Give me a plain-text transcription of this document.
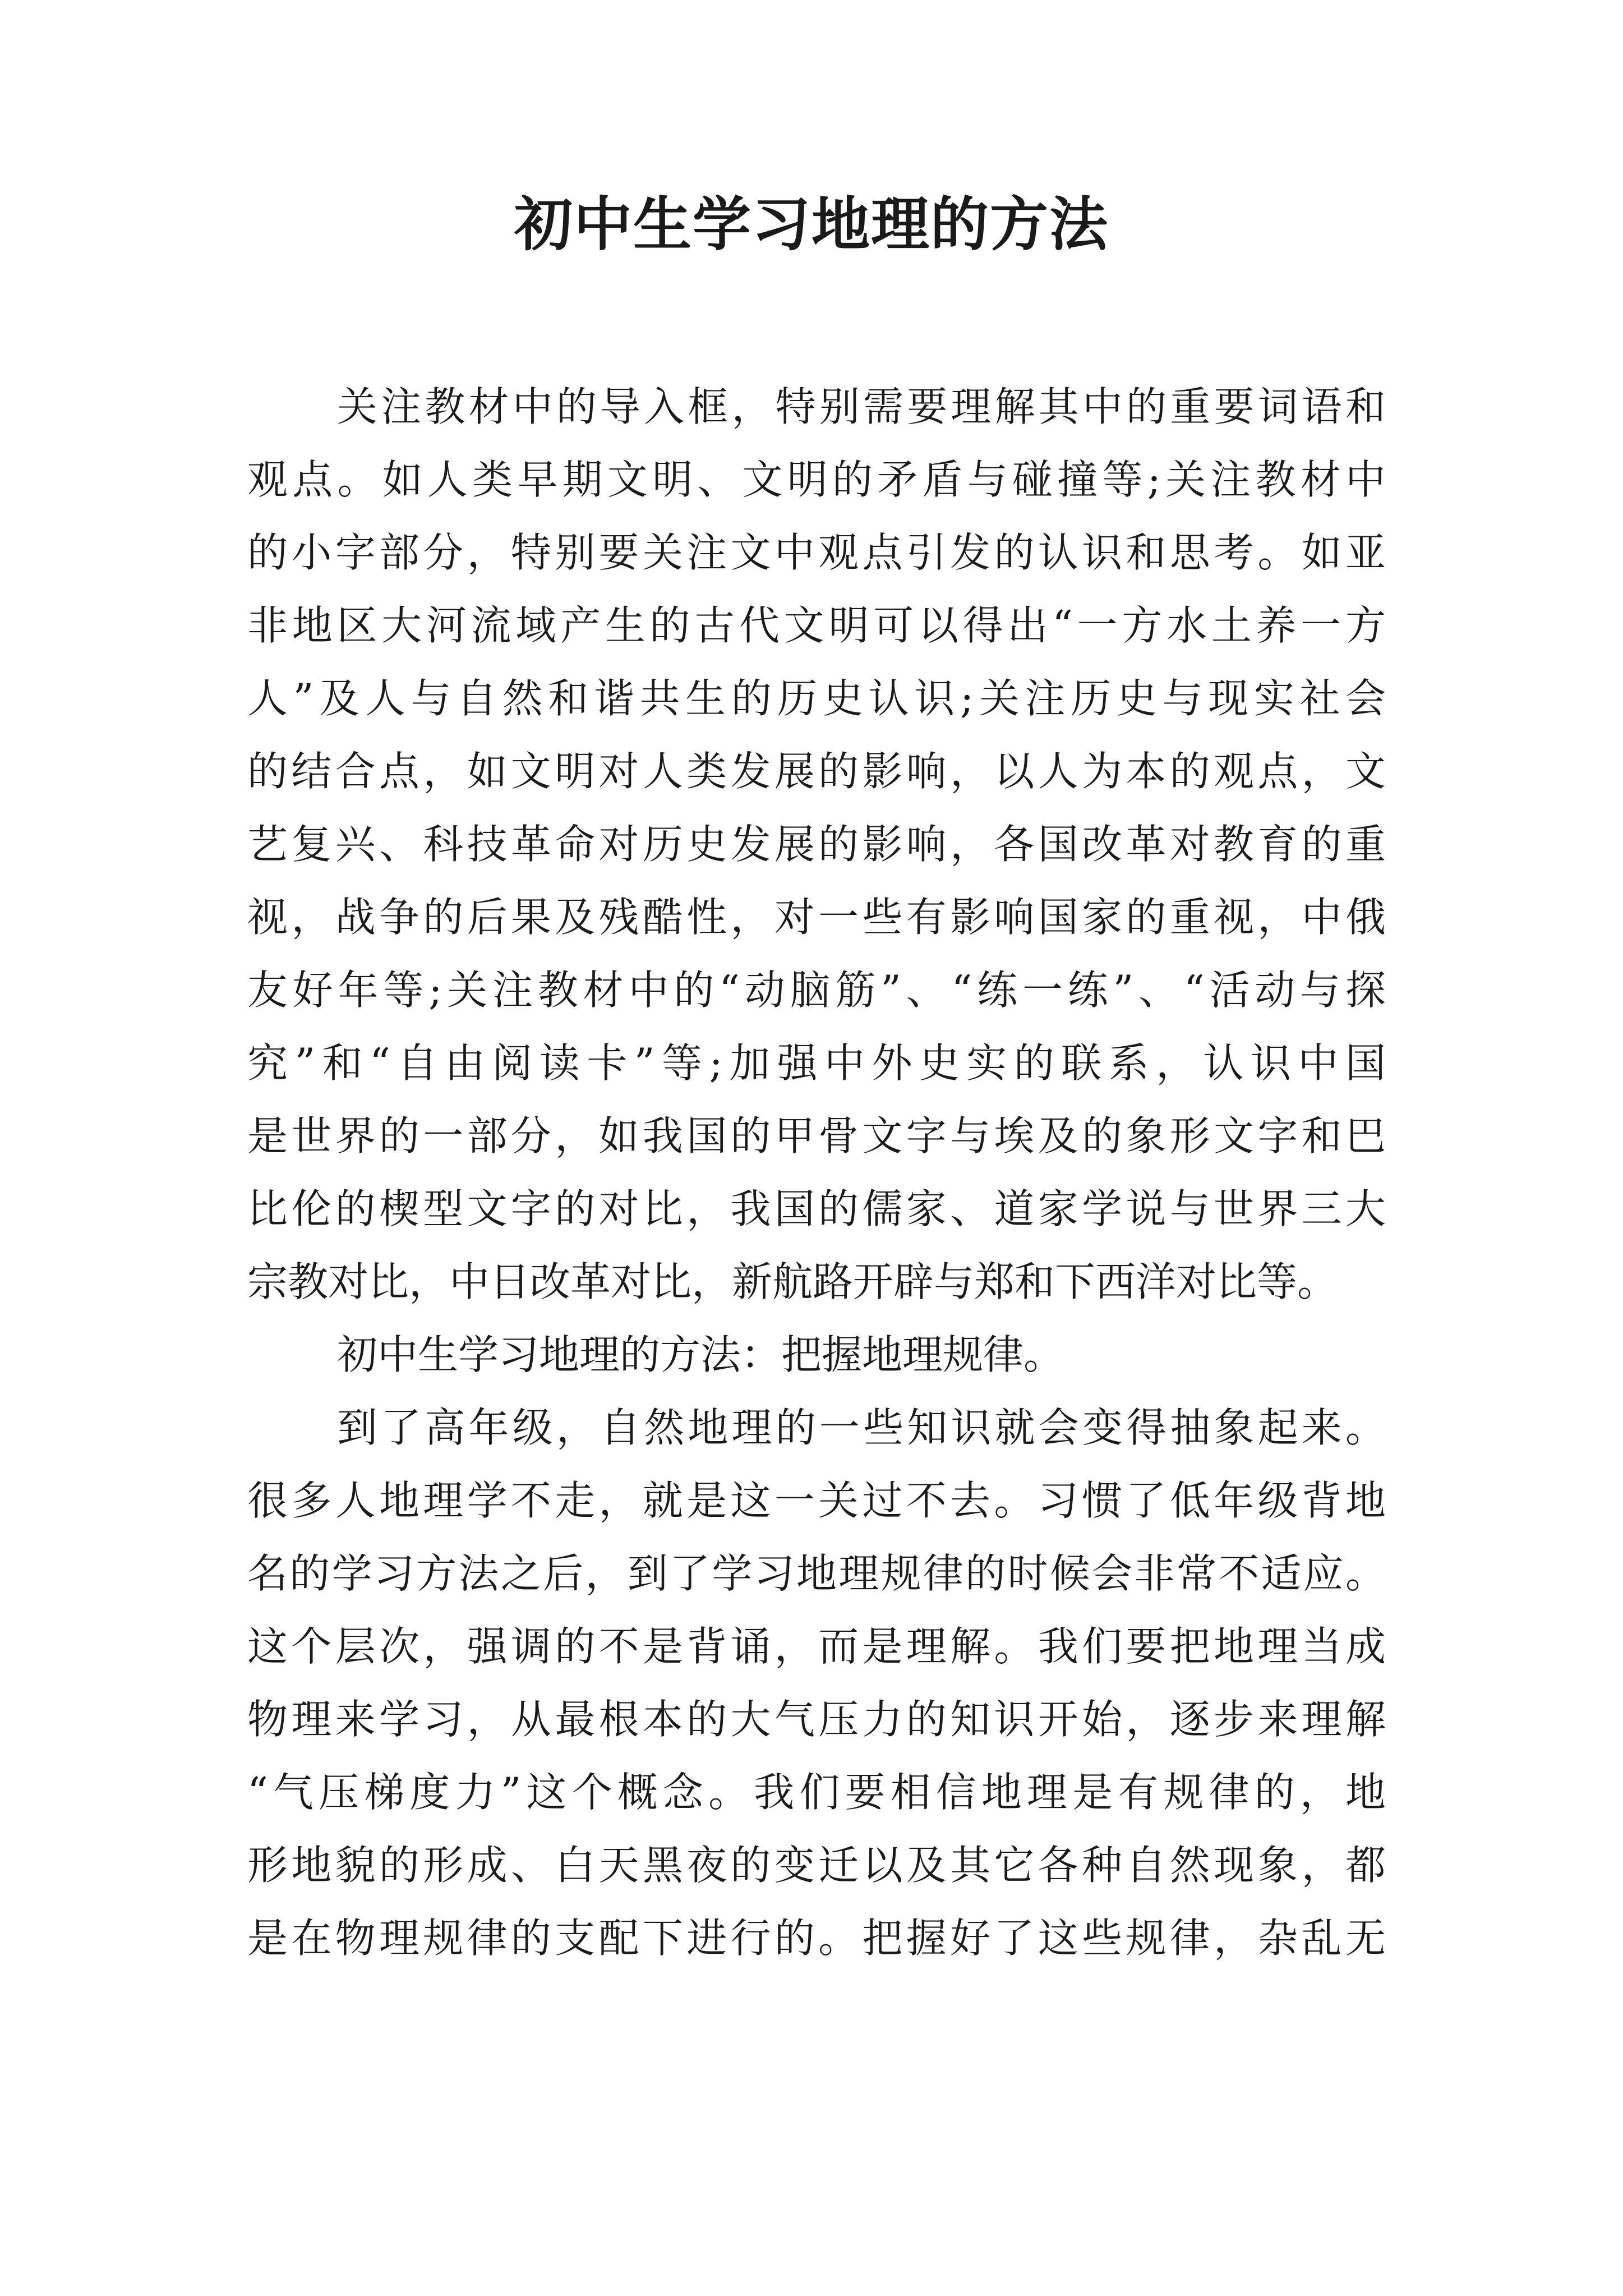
初中生学习地理的方法
关注教材中的导入框，特别需要理解其中的重要词语和
观点。如人类早期文明、文明的矛盾与碰撞等;关注教材中
的小字部分，特别要关注文中观点引发的认识和思考。如亚
非地区大河流域产生的古代文明可以得出“一方水土养一方
人”及人与自然和谐共生的历史认识;关注历史与现实社会
的结合点，如文明对人类发展的影响，以人为本的观点，文
艺复兴、科技革命对历史发展的影响，各国改革对教育的重
视，战争的后果及残酷性，对一些有影响国家的重视，中俄
友好年等;关注教材中的“动脑筋”、“练一练”、“活动与探
究”和“自由阅读卡”等;加强中外史实的联系，认识中国
是世界的一部分，如我国的甲骨文字与埃及的象形文字和巴
比伦的楔型文字的对比，我国的儒家、道家学说与世界三大
宗教对比，中日改革对比，新航路开辟与郑和下西洋对比等。
初中生学习地理的方法：把握地理规律。
到了高年级，自然地理的一些知识就会变得抽象起来。
很多人地理学不走，就是这一关过不去。习惯了低年级背地
名的学习方法之后，到了学习地理规律的时候会非常不适应。
这个层次，强调的不是背诵，而是理解。我们要把地理当成
物理来学习，从最根本的大气压力的知识开始，逐步来理解
“气压梯度力”这个概念。我们要相信地理是有规律的，地
形地貌的形成、白天黑夜的变迁以及其它各种自然现象，都
是在物理规律的支配下进行的。把握好了这些规律，杂乱无
